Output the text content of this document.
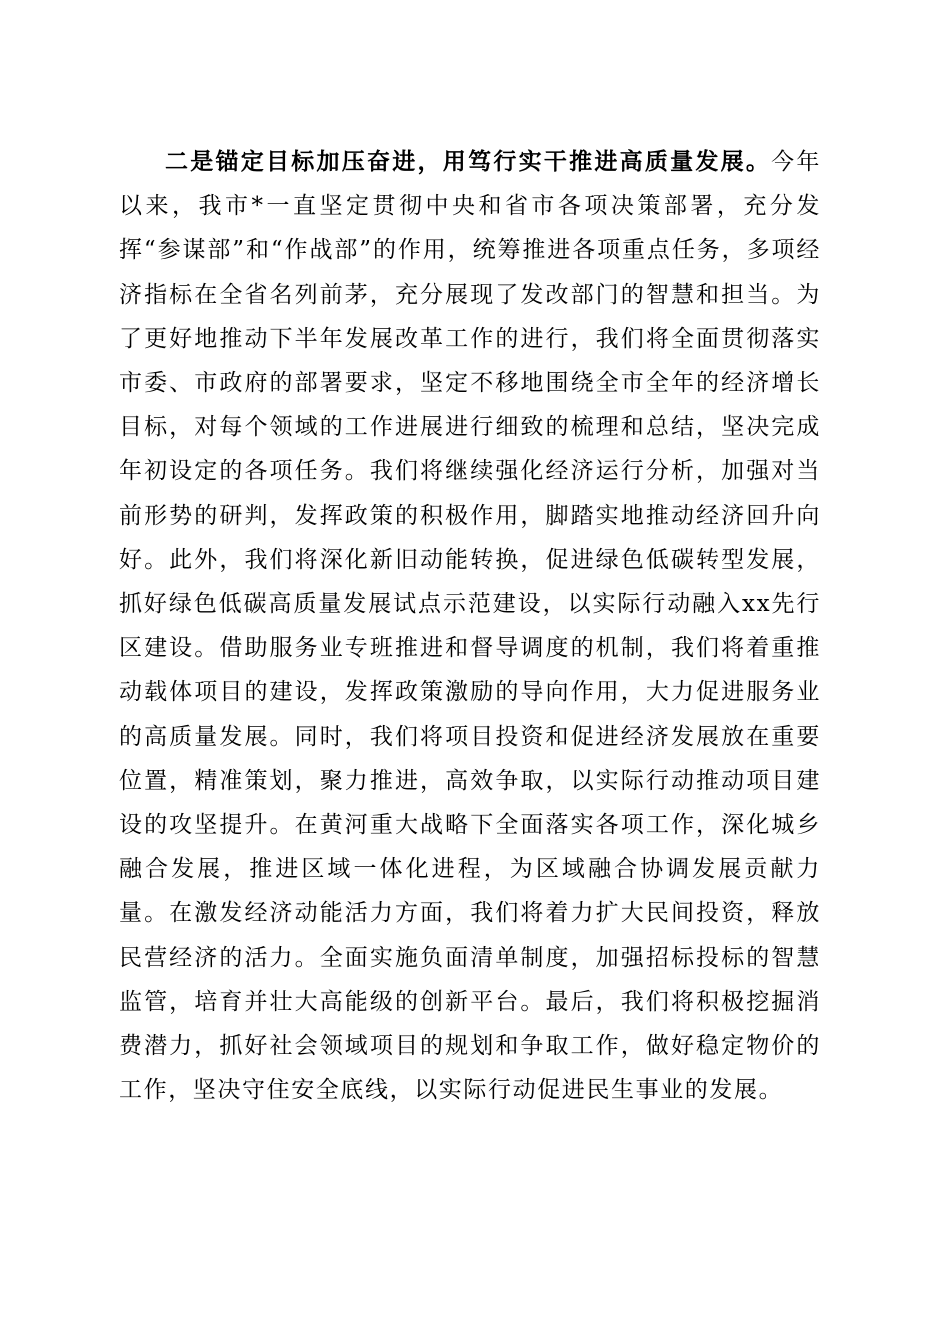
二是锚定目标加压奋进，用笃行实干推进高质量发展。今年以来，我市*一直坚定贯彻中央和省市各项决策部署，充分发挥“参谋部”和“作战部”的作用，统筹推进各项重点任务，多项经济指标在全省名列前茅，充分展现了发改部门的智慧和担当。为了更好地推动下半年发展改革工作的进行，我们将全面贯彻落实市委、市政府的部署要求，坚定不移地围绕全市全年的经济增长目标，对每个领域的工作进展进行细致的梳理和总结，坚决完成年初设定的各项任务。我们将继续强化经济运行分析，加强对当前形势的研判，发挥政策的积极作用，脚踏实地推动经济回升向好。此外，我们将深化新旧动能转换，促进绿色低碳转型发展，抓好绿色低碳高质量发展试点示范建设，以实际行动融入xx先行区建设。借助服务业专班推进和督导调度的机制，我们将着重推动载体项目的建设，发挥政策激励的导向作用，大力促进服务业的高质量发展。同时，我们将项目投资和促进经济发展放在重要位置，精准策划，聚力推进，高效争取，以实际行动推动项目建设的攻坚提升。在黄河重大战略下全面落实各项工作，深化城乡融合发展，推进区域一体化进程，为区域融合协调发展贡献力量。在激发经济动能活力方面，我们将着力扩大民间投资，释放民营经济的活力。全面实施负面清单制度，加强招标投标的智慧监管，培育并壮大高能级的创新平台。最后，我们将积极挖掘消费潜力，抓好社会领域项目的规划和争取工作，做好稳定物价的工作，坚决守住安全底线，以实际行动促进民生事业的发展。
